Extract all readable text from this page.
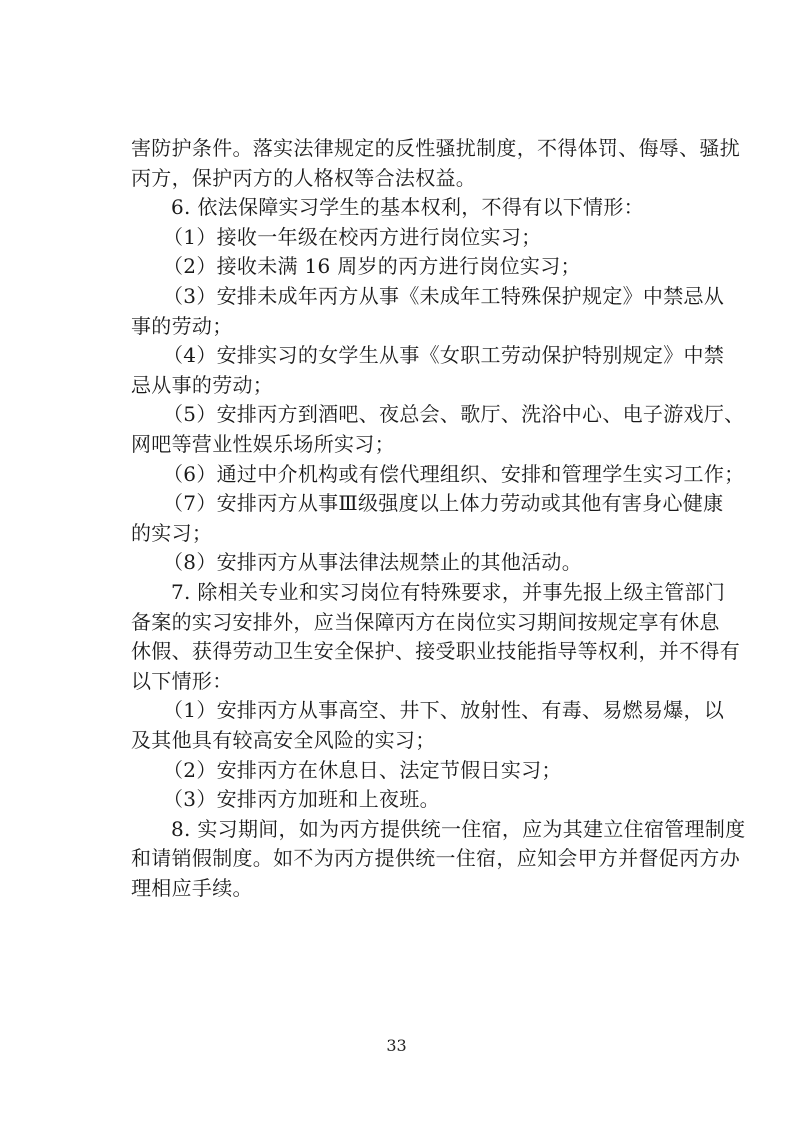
害防护条件。落实法律规定的反性骚扰制度，不得体罚、侮辱、骚扰
丙方，保护丙方的人格权等合法权益。
6. 依法保障实习学生的基本权利，不得有以下情形：
（1）接收一年级在校丙方进行岗位实习；
（2）接收未满 16 周岁的丙方进行岗位实习；
（3）安排未成年丙方从事《未成年工特殊保护规定》中禁忌从
事的劳动；
（4）安排实习的女学生从事《女职工劳动保护特别规定》中禁
忌从事的劳动；
（5）安排丙方到酒吧、夜总会、歌厅、洗浴中心、电子游戏厅、
网吧等营业性娱乐场所实习；
（6）通过中介机构或有偿代理组织、安排和管理学生实习工作；
（7）安排丙方从事Ⅲ级强度以上体力劳动或其他有害身心健康
的实习；
（8）安排丙方从事法律法规禁止的其他活动。
7. 除相关专业和实习岗位有特殊要求，并事先报上级主管部门
备案的实习安排外，应当保障丙方在岗位实习期间按规定享有休息
休假、获得劳动卫生安全保护、接受职业技能指导等权利，并不得有
以下情形：
（1）安排丙方从事高空、井下、放射性、有毒、易燃易爆，以
及其他具有较高安全风险的实习；
（2）安排丙方在休息日、法定节假日实习；
（3）安排丙方加班和上夜班。
8. 实习期间，如为丙方提供统一住宿，应为其建立住宿管理制度
和请销假制度。如不为丙方提供统一住宿，应知会甲方并督促丙方办
理相应手续。
33
